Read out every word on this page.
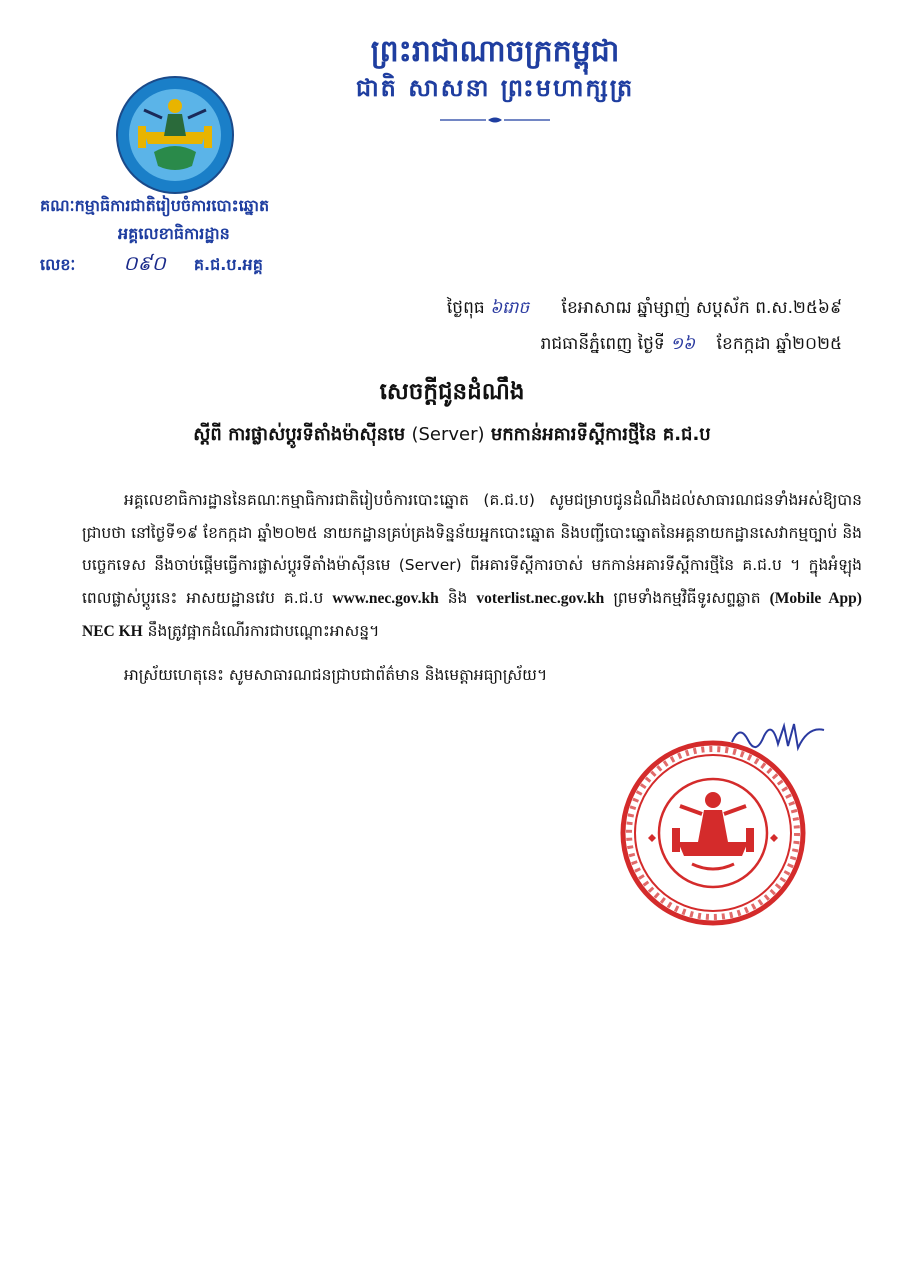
ព្រះរាជាណាចក្រកម្ពុជា
ជាតិ សាសនា ព្រះមហាក្សត្រ
គណៈកម្មាធិការជាតិរៀបចំការបោះឆ្នោត
អគ្គលេខាធិការដ្ឋាន
លេខៈ ០៩០ គ.ជ.ប.អគ្គ
ថ្ងៃពុធ ៦រោច ខែអាសាឍ ឆ្នាំម្សាញ់ សប្តស័ក ព.ស.២៥៦៩
រាជធានីភ្នំពេញ ថ្ងៃទី ១៦ ខែកក្កដា ឆ្នាំ២០២៥
សេចក្តីជូនដំណឹង
ស្តីពី ការផ្លាស់ប្តូរទីតាំងម៉ាស៊ីនមេ (Server) មកកាន់អគារទីស្តីការថ្មីនៃ គ.ជ.ប

អគ្គលេខាធិការដ្ឋាននៃគណៈកម្មាធិការជាតិរៀបចំការបោះឆ្នោត (គ.ជ.ប) សូមជម្រាបជូនដំណឹងដល់សាធារណជនទាំងអស់ឱ្យបានជ្រាបថា នៅថ្ងៃទី១៩ ខែកក្កដា ឆ្នាំ២០២៥ នាយកដ្ឋានគ្រប់គ្រងទិន្នន័យអ្នកបោះឆ្នោត និងបញ្ជីបោះឆ្នោតនៃអគ្គនាយកដ្ឋានសេវាកម្មច្បាប់ និងបច្ចេកទេស នឹងចាប់ផ្តើមធ្វើការផ្លាស់ប្តូរទីតាំងម៉ាស៊ីនមេ (Server) ពីអគារទីស្តីការចាស់ មកកាន់អគារទីស្តីការថ្មីនៃ គ.ជ.ប ។ ក្នុងអំឡុងពេលផ្លាស់ប្តូរនេះ អាសយដ្ឋានវេប គ.ជ.ប www.nec.gov.kh និង voterlist.nec.gov.kh ព្រមទាំងកម្មវិធីទូរសព្ទឆ្លាត (Mobile App) NEC KH នឹងត្រូវផ្អាកដំណើរការជាបណ្តោះអាសន្ន។

អាស្រ័យហេតុនេះ សូមសាធារណជនជ្រាបជាព័ត៌មាន និងមេត្តាអធ្យាស្រ័យ។
